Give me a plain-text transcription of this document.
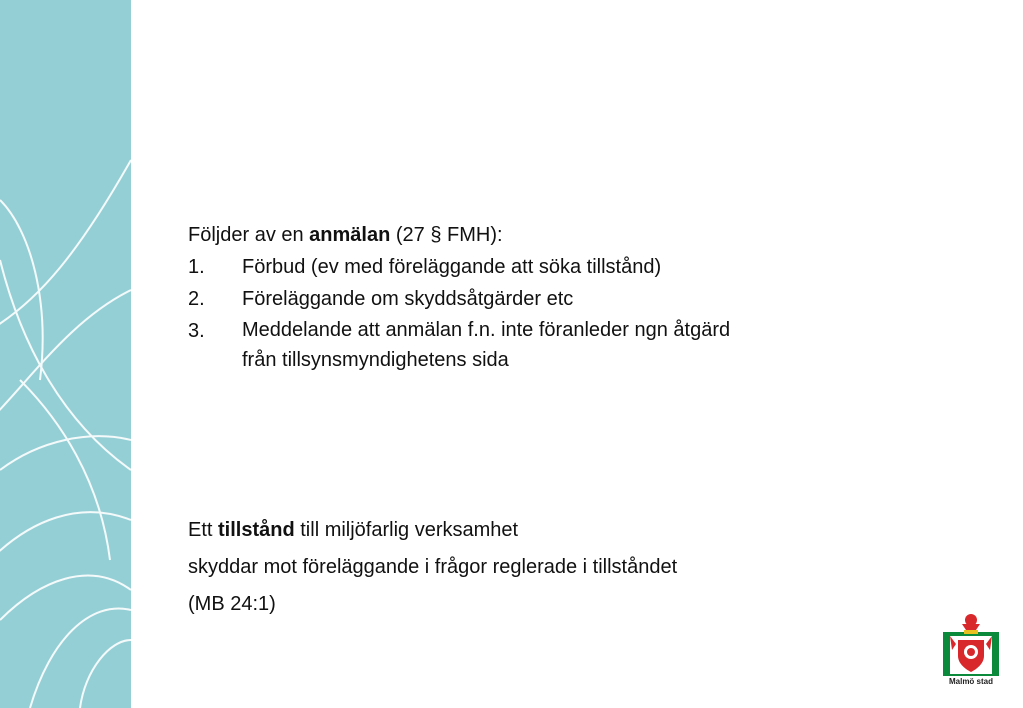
Följder av en anmälan (27 § FMH):
1.	Förbud (ev med föreläggande att söka tillstånd)
2.	Föreläggande om skyddsåtgärder etc
3.	Meddelande att anmälan f.n. inte föranleder ngn åtgärd
från tillsynsmyndighetens sida
Ett tillstånd till miljöfarlig verksamhet
skyddar mot föreläggande i frågor reglerade i tillståndet
(MB 24:1)
Malmö stad
